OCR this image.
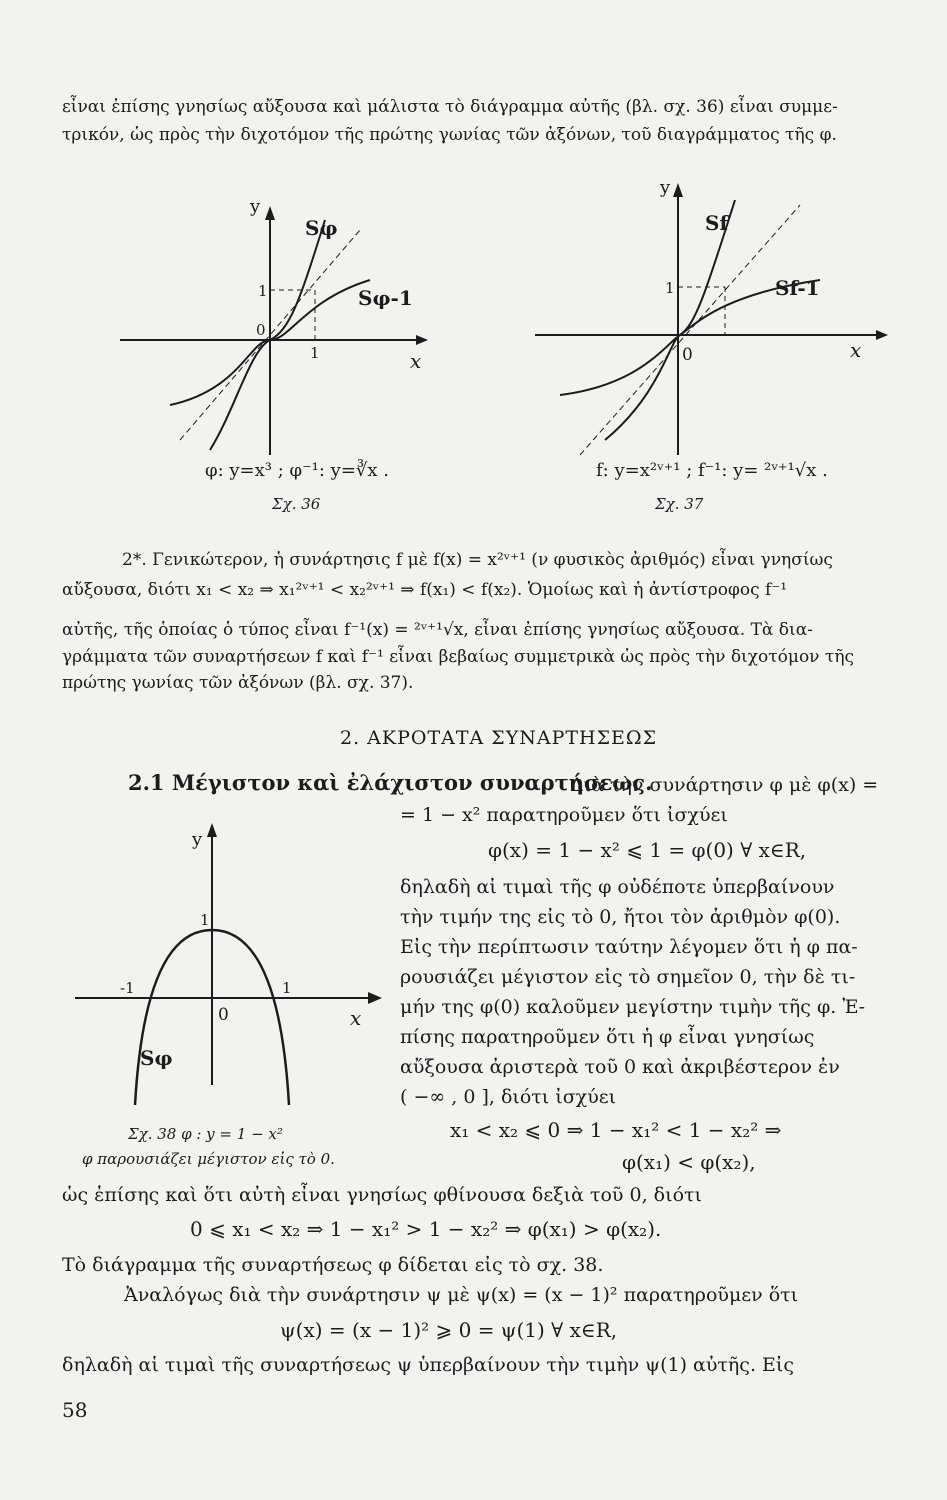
εἶναι ἐπίσης γνησίως αὔξουσα καὶ μάλιστα τὸ διάγραμμα αὐτῆς (βλ. σχ. 36) εἶναι συμμε-
τρικόν, ὡς πρὸς τὴν διχοτόμον τῆς πρώτης γωνίας τῶν ἀξόνων, τοῦ διαγράμματος τῆς φ.
y
x
1
0
1
Sφ
Sφ-1
φ: y=x³ ; φ⁻¹: y=∛x .
Σχ. 36
y
x
1
0
Sf
Sf-1
f: y=x²ᵛ⁺¹ ; f⁻¹: y= ²ᵛ⁺¹√x .
Σχ. 37
2*. Γενικώτερον, ἡ συνάρτησις f μὲ f(x) = x²ᵛ⁺¹ (ν φυσικὸς ἀριθμός) εἶναι γνησίως
αὔξουσα, διότι x₁ < x₂ ⇒ x₁²ᵛ⁺¹ < x₂²ᵛ⁺¹ ⇒ f(x₁) < f(x₂). Ὁμοίως καὶ ἡ ἀντίστροφος f⁻¹
αὐτῆς, τῆς ὁποίας ὁ τύπος εἶναι f⁻¹(x) = ²ᵛ⁺¹√x, εἶναι ἐπίσης γνησίως αὔξουσα. Τὰ δια-
γράμματα τῶν συναρτήσεων f καὶ f⁻¹ εἶναι βεβαίως συμμετρικὰ ὡς πρὸς τὴν διχοτόμον τῆς
πρώτης γωνίας τῶν ἀξόνων (βλ. σχ. 37).
2. ΑΚΡΟΤΑΤΑ ΣΥΝΑΡΤΗΣΕΩΣ
2.1 Μέγιστον καὶ ἐλάχιστον συναρτήσεως.
Διὰ τὴν συνάρτησιν φ μὲ φ(x) =
= 1 − x² παρατηροῦμεν ὅτι ἰσχύει
φ(x) = 1 − x² ⩽ 1 = φ(0) ∀ x∈R,
δηλαδὴ αἱ τιμαὶ τῆς φ οὐδέποτε ὑπερβαίνουν
τὴν τιμήν της εἰς τὸ 0, ἤτοι τὸν ἀριθμὸν φ(0).
Εἰς τὴν περίπτωσιν ταύτην λέγομεν ὅτι ἡ φ πα-
ρουσιάζει μέγιστον εἰς τὸ σημεῖον 0, τὴν δὲ τι-
μήν της φ(0) καλοῦμεν μεγίστην τιμὴν τῆς φ. Ἐ-
πίσης παρατηροῦμεν ὅτι ἡ φ εἶναι γνησίως
αὔξουσα ἀριστερὰ τοῦ 0 καὶ ἀκριβέστερον ἐν
( −∞ , 0 ], διότι ἰσχύει
x₁ < x₂ ⩽ 0 ⇒ 1 − x₁² < 1 − x₂² ⇒
φ(x₁) < φ(x₂),
y
x
1
-1	1
0
Sφ
Σχ. 38 φ : y = 1 − x²
φ παρουσιάζει μέγιστον εἰς τὸ 0.
ὡς ἐπίσης καὶ ὅτι αὐτὴ εἶναι γνησίως φθίνουσα δεξιὰ τοῦ 0, διότι
0 ⩽ x₁ < x₂ ⇒ 1 − x₁² > 1 − x₂² ⇒ φ(x₁) > φ(x₂).
Τὸ διάγραμμα τῆς συναρτήσεως φ δίδεται εἰς τὸ σχ. 38.
Ἀναλόγως διὰ τὴν συνάρτησιν ψ μὲ ψ(x) = (x − 1)² παρατηροῦμεν ὅτι
ψ(x) = (x − 1)² ⩾ 0 = ψ(1) ∀ x∈R,
δηλαδὴ αἱ τιμαὶ τῆς συναρτήσεως ψ ὑπερβαίνουν τὴν τιμὴν ψ(1) αὐτῆς. Εἰς
58
